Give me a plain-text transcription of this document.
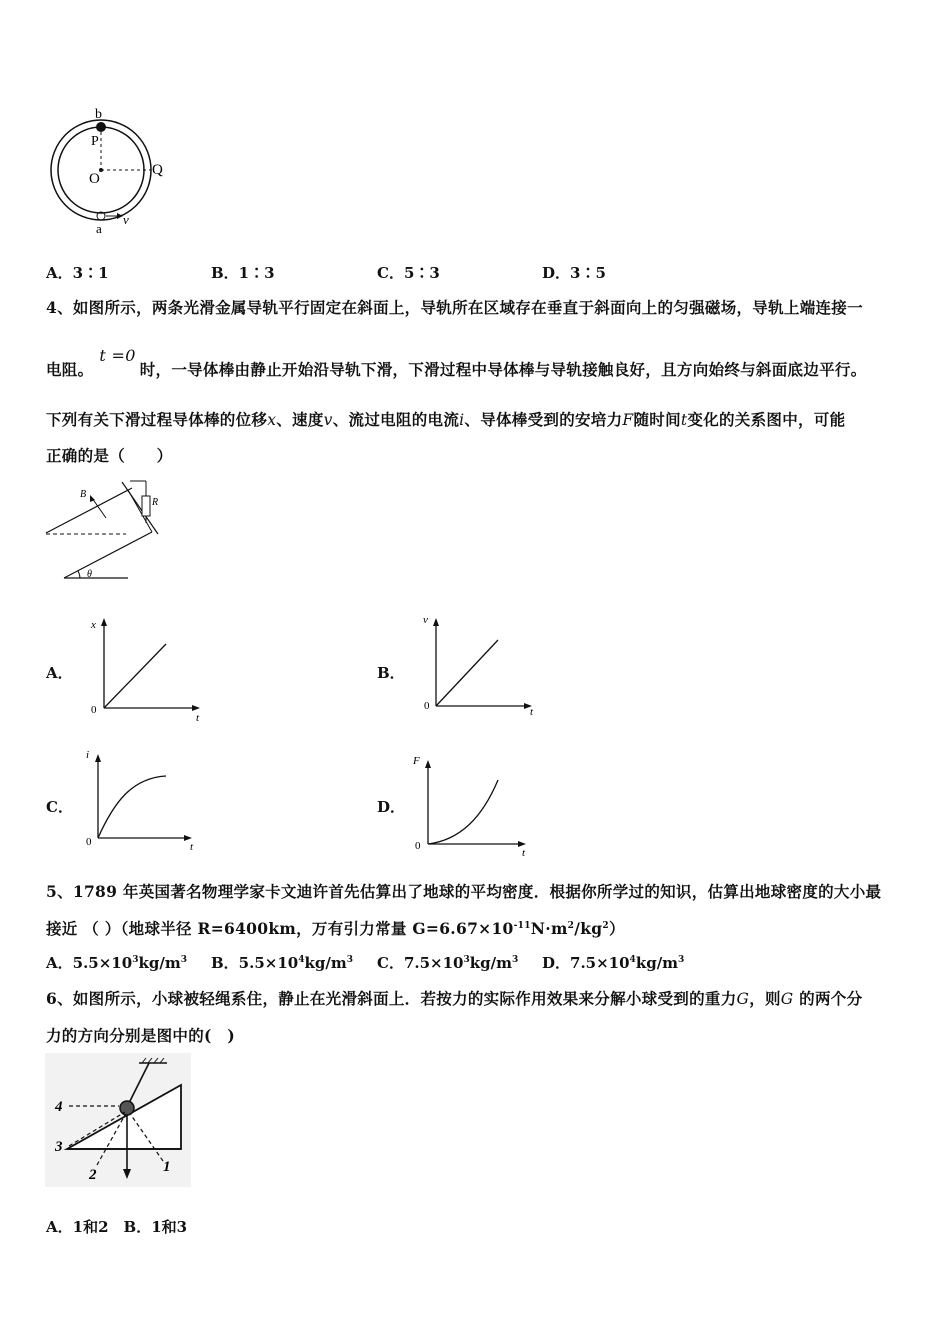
b
P
O
Q
a
v
A．3∶1	B．1∶3	C．5∶3	D．3∶5
4、如图所示，两条光滑金属导轨平行固定在斜面上，导轨所在区域存在垂直于斜面向上的匀强磁场，导轨上端连接一
电阻。t =0时，一导体棒由静止开始沿导轨下滑，下滑过程中导体棒与导轨接触良好，且方向始终与斜面底边平行。
下列有关下滑过程导体棒的位移x、速度v、流过电阻的电流i、导体棒受到的安培力F随时间t变化的关系图中，可能
正确的是（　　）
B
R
θ
A．
x
t
0
B．
v
t
0
C．
i
t
0
D．
F
t
0
5、1789 年英国著名物理学家卡文迪许首先估算出了地球的平均密度．根据你所学过的知识，估算出地球密度的大小最
接近 （ ）（地球半径 R=6400km，万有引力常量 $G=6.67\times 10^{-11}N\cdot m^2/kg^2$）
A．$5.5\times 10^3kg/m^3$ B．$5.5\times 10^4kg/m^3$ C．$7.5\times 10^3kg/m^3$ D．$7.5\times 10^4kg/m^3$
6、如图所示，小球被轻绳系住，静止在光滑斜面上．若按力的实际作用效果来分解小球受到的重力G，则G 的两个分
力的方向分别是图中的(　)
4
3
2	1
A．1和2　B．1和3
